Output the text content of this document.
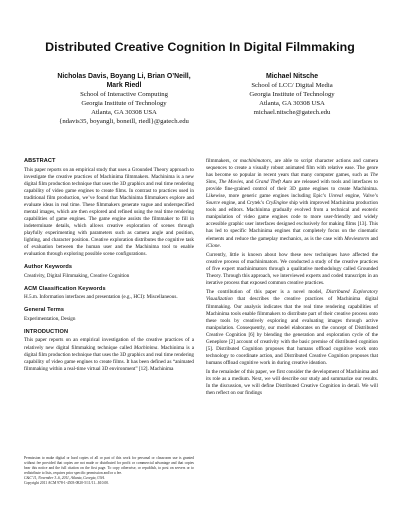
Distributed Creative Cognition In Digital Filmmaking
Nicholas Davis, Boyang Li, Brian O’Neill,
Mark Riedl
School of Interactive Computing
Georgia Institute of Technology
Atlanta, GA 30308 USA
{ndavis35, boyangli, boneill, riedl}@gatech.edu
Michael Nitsche
School of LCC/ Digital Media
Georgia Institute of Technology
Atlanta, GA 30308 USA
michael.nitsche@gatech.edu
ABSTRACT

This paper reports on an empirical study that uses a Grounded Theory approach to investigate the creative practices of Machinima filmmakers. Machinima is a new digital film production technique that uses the 3D graphics and real time rendering capability of video game engines to create films. In contrast to practices used in traditional film production, we’ve found that Machinima filmmakers explore and evaluate ideas in real time. These filmmakers generate vague and underspecified mental images, which are then explored and refined using the real time rendering capabilities of game engines. The game engine assists the filmmaker to fill in indeterminate details, which allows creative exploration of scenes through playfully experimenting with parameters such as camera angle and position, lighting, and character position. Creative exploration distributes the cognitive task of evaluation between the human user and the Machinima tool to enable evaluation through exploring possible scene configurations.

Author Keywords

Creativity, Digital Filmmaking, Creative Cognition

ACM Classification Keywords

H.5.m. Information interfaces and presentation (e.g., HCI): Miscellaneous.

General Terms

Experimentation, Design

INTRODUCTION

This paper reports on an empirical investigation of the creative practices of a relatively new digital filmmaking technique called Machinima. Machinima is a digital film production technique that uses the 3D graphics and real time rendering capability of video game engines to create films. It has been defined as “animated filmmaking within a real-time virtual 3D environment” [12]. Machinima

Permission to make digital or hard copies of all or part of this work for personal or classroom use is granted without fee provided that copies are not made or distributed for profit or commercial advantage and that copies bear this notice and the full citation on the first page. To copy otherwise, or republish, to post on servers or to redistribute to lists, requires prior specific permission and/or a fee.

C&C’11, November 3–6, 2011, Atlanta, Georgia, USA.

Copyright 2011 ACM 978-1-4503-0820-5/11/11...$10.00.

filmmakers, or machinimators, are able to script character actions and camera sequences to create a visually robust animated film with relative ease. The genre has become so popular in recent years that many computer games, such as The Sims, The Movies, and Grand Theft Auto are released with tools and interfaces to provide fine-grained control of their 3D game engines to create Machinima. Likewise, more generic game engines including Epic’s Unreal engine, Valve’s Source engine, and Crytek’s CryEngine ship with improved Machinima production tools and editors. Machinima gradually evolved from a technical and esoteric manipulation of video game engines code to more user-friendly and widely accessible graphic user interfaces designed exclusively for making films [13]. This has led to specific Machinima engines that completely focus on the cinematic elements and reduce the gameplay mechanics, as is the case with Moviestorm and iClone.

Currently, little is known about how these new techniques have affected the creative process of machinimators. We conducted a study of the creative practices of five expert machinimators through a qualitative methodology called Grounded Theory. Through this approach, we interviewed experts and coded transcripts in an iterative process that exposed common creative practices.

The contribution of this paper is a novel model, Distributed Exploratory Visualization that describes the creative practices of Machinima digital filmmaking. Our analysis indicates that the real time rendering capabilities of Machinima tools enable filmmakers to distribute part of their creative process onto these tools by creatively exploring and evaluating images through active manipulation. Consequently, our model elaborates on the concept of Distributed Creative Cognition [6] by blending the generation and exploration cycle of the Geneplore [2] account of creativity with the basic premise of distributed cognition [5]. Distributed Cognition proposes that humans offload cognitive work onto technology to coordinate action, and Distributed Creative Cognition proposes that humans offload cognitive work in during creative ideation.

In the remainder of this paper, we first consider the development of Machinima and its role as a medium. Next, we will describe our study and summarize our results. In the discussion, we will define Distributed Creative Cognition in detail. We will then reflect on our findings
